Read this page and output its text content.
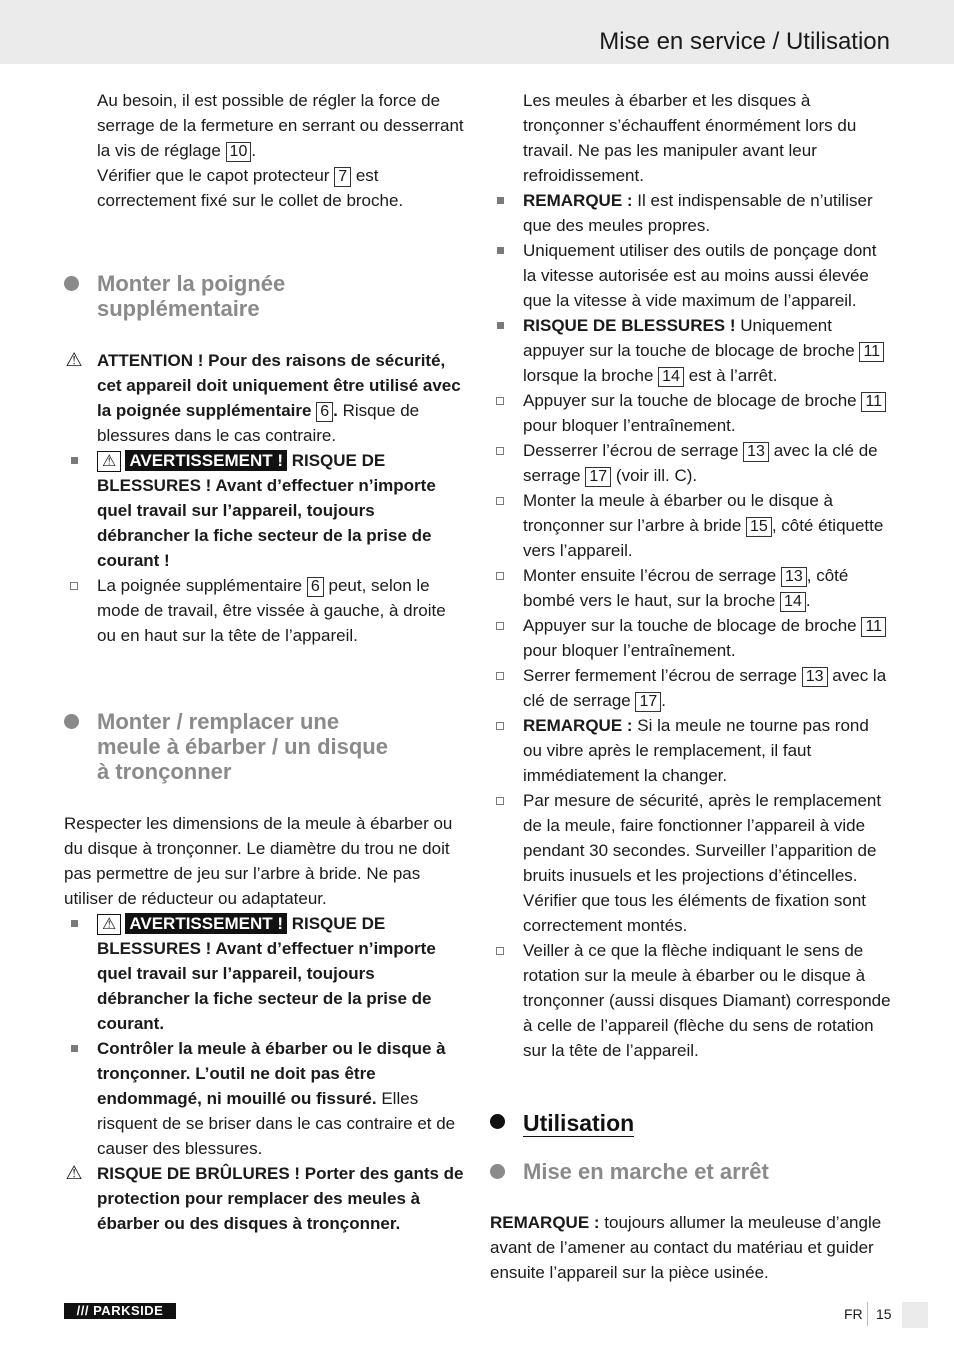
Mise en service / Utilisation

Au besoin, il est possible de régler la force de serrage de la fermeture en serrant ou desserrant la vis de réglage 10 .
Vérifier que le capot protecteur 7 est correctement fixé sur le collet de broche.

Monter la poignée
supplémentaire

⚠ ATTENTION ! Pour des raisons de sécurité, cet appareil doit uniquement être utilisé avec la poignée supplémentaire 6 . Risque de blessures dans le cas contraire.

⚠ AVERTISSEMENT ! RISQUE DE BLESSURES ! Avant d’effectuer n’importe quel travail sur l’appareil, toujours débrancher la fiche secteur de la prise de courant !

La poignée supplémentaire 6 peut, selon le mode de travail, être vissée à gauche, à droite ou en haut sur la tête de l’appareil.

Monter / remplacer une
meule à ébarber / un disque
à tronçonner

Respecter les dimensions de la meule à ébarber ou du disque à tronçonner. Le diamètre du trou ne doit pas permettre de jeu sur l’arbre à bride. Ne pas utiliser de réducteur ou adaptateur.

⚠ AVERTISSEMENT ! RISQUE DE BLESSURES ! Avant d’effectuer n’importe quel travail sur l’appareil, toujours débrancher la fiche secteur de la prise de courant.

Contrôler la meule à ébarber ou le disque à tronçonner. L’outil ne doit pas être endommagé, ni mouillé ou fissuré. Elles risquent de se briser dans le cas contraire et de causer des blessures.

⚠ RISQUE DE BRÛLURES ! Porter des gants de protection pour remplacer des meules à ébarber ou des disques à tronçonner.

Les meules à ébarber et les disques à tronçonner s’échauffent énormément lors du travail. Ne pas les manipuler avant leur refroidissement.

REMARQUE : Il est indispensable de n’utiliser que des meules propres.

Uniquement utiliser des outils de ponçage dont la vitesse autorisée est au moins aussi élevée que la vitesse à vide maximum de l’appareil.

RISQUE DE BLESSURES ! Uniquement appuyer sur la touche de blocage de broche 11 lorsque la broche 14 est à l’arrêt.

Appuyer sur la touche de blocage de broche 11 pour bloquer l’entraînement.

Desserrer l’écrou de serrage 13 avec la clé de serrage 17 (voir ill. C).

Monter la meule à ébarber ou le disque à tronçonner sur l’arbre à bride 15 , côté étiquette vers l’appareil.

Monter ensuite l’écrou de serrage 13 , côté bombé vers le haut, sur la broche 14 .

Appuyer sur la touche de blocage de broche 11 pour bloquer l’entraînement.

Serrer fermement l’écrou de serrage 13 avec la clé de serrage 17 .

REMARQUE : Si la meule ne tourne pas rond ou vibre après le remplacement, il faut immédiatement la changer.

Par mesure de sécurité, après le remplacement de la meule, faire fonctionner l’appareil à vide pendant 30 secondes. Surveiller l’apparition de bruits inusuels et les projections d’étincelles. Vérifier que tous les éléments de fixation sont correctement montés.

Veiller à ce que la flèche indiquant le sens de rotation sur la meule à ébarber ou le disque à tronçonner (aussi disques Diamant) corresponde à celle de l’appareil (flèche du sens de rotation sur la tête de l’appareil.

Utilisation
Mise en marche et arrêt

REMARQUE : toujours allumer la meuleuse d’angle avant de l’amener au contact du matériau et guider ensuite l’appareil sur la pièce usinée.

/// PARKSIDE	FR 15
